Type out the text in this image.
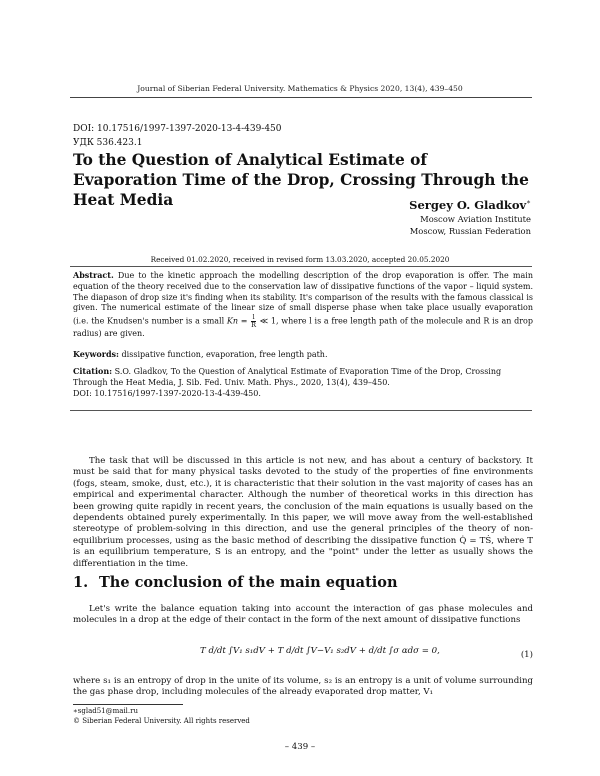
Journal of Siberian Federal University. Mathematics & Physics 2020, 13(4), 439–450
DOI: 10.17516/1997-1397-2020-13-4-439-450
УДК 536.423.1
To the Question of Analytical Estimate of Evaporation Time of the Drop, Crossing Through the Heat Media	Sergey O. Gladkov∗
Moscow Aviation Institute
Moscow, Russian Federation
Received 01.02.2020, received in revised form 13.03.2020, accepted 20.05.2020
Abstract. Due to the kinetic approach the modelling description of the drop evaporation is offer. The main equation of the theory received due to the conservation law of dissipative functions of the vapor – liquid system. The diapason of drop size it's finding when its stability. It's comparison of the results with the famous classical is given. The numerical estimate of the linear size of small disperse phase when take place usually evaporation (i.e. the Knudsen's number is a small $Kn = \frac{l}{R}$ ≪ 1, where l is a free length path of the molecule and R is an drop radius) are given.
Keywords: dissipative function, evaporation, free length path.
Citation: S.O. Gladkov, To the Question of Analytical Estimate of Evaporation Time of the Drop, Crossing Through the Heat Media, J. Sib. Fed. Univ. Math. Phys., 2020, 13(4), 439–450.
DOI: 10.17516/1997-1397-2020-13-4-439-450.

The task that will be discussed in this article is not new, and has about a century of backstory. It must be said that for many physical tasks devoted to the study of the properties of fine environments (fogs, steam, smoke, dust, etc.), it is characteristic that their solution in the vast majority of cases has an empirical and experimental character. Although the number of theoretical works in this direction has been growing quite rapidly in recent years, the conclusion of the main equations is usually based on the dependents obtained purely experimentally. In this paper, we will move away from the well-established stereotype of problem-solving in this direction, and use the general principles of the theory of non-equilibrium processes, using as the basic method of describing the dissipative function Q̇ = TṠ, where T is an equilibrium temperature, S is an entropy, and the "point" under the letter as usually shows the differentiation in the time.

1. The conclusion of the main equation

Let's write the balance equation taking into account the interaction of gas phase molecules and molecules in a drop at the edge of their contact in the form of the next amount of dissipative functions

T d/dt ∫V₁ s₁dV + T d/dt ∫V−V₁ s₂dV + d/dt ∫σ αdσ = 0,	(1)
where s₁ is an entropy of drop in the unite of its volume, s₂ is an entropy is a unit of volume surrounding the gas phase drop, including molecules of the already evaporated drop matter, V₁
∗sglad51@mail.ru
© Siberian Federal University. All rights reserved
– 439 –
